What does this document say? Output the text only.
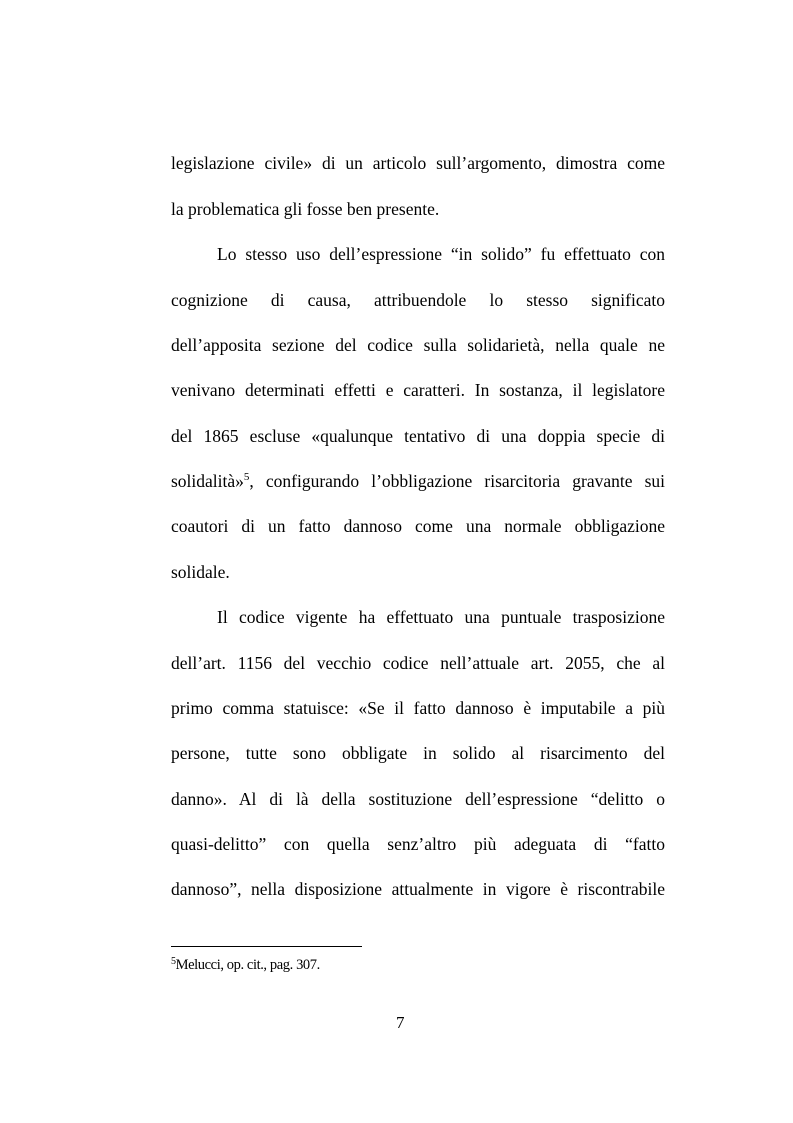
legislazione civile» di un articolo sull’argomento, dimostra come
la problematica gli fosse ben presente.
Lo stesso uso dell’espressione “in solido” fu effettuato con
cognizione di causa, attribuendole lo stesso significato
dell’apposita sezione del codice sulla solidarietà, nella quale ne
venivano determinati effetti e caratteri. In sostanza, il legislatore
del 1865 escluse «qualunque tentativo di una doppia specie di
solidalità»$^5$, configurando l’obbligazione risarcitoria gravante sui
coautori di un fatto dannoso come una normale obbligazione
solidale.
Il codice vigente ha effettuato una puntuale trasposizione
dell’art. 1156 del vecchio codice nell’attuale art. 2055, che al
primo comma statuisce: «Se il fatto dannoso è imputabile a più
persone, tutte sono obbligate in solido al risarcimento del
danno». Al di là della sostituzione dell’espressione “delitto o
quasi-delitto” con quella senz’altro più adeguata di “fatto
dannoso”, nella disposizione attualmente in vigore è riscontrabile
$^5$Melucci, op. cit., pag. 307.
7
